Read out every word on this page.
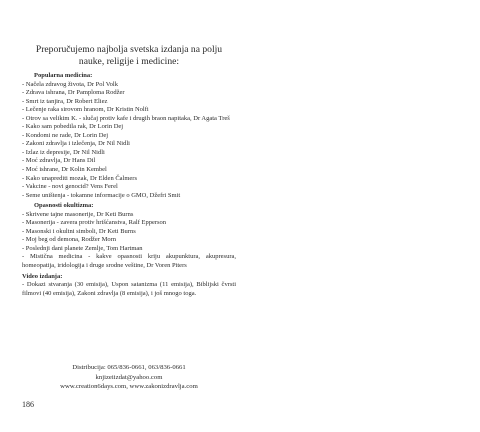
Preporučujemo najbolja svetska izdanja na polju
nauke, religije i medicine:
Popularna medicina:
- Načela zdravog života, Dr Pol Volk
- Zdrava ishrana, Dr Pamploma Rodžer
- Smrt iz tanjira, Dr Robert Eliez
- Lečenje raka sirovom hranom, Dr Kristin Nolfi
- Otrov sa velikim K. - slučaj protiv kafe i drugih braon napitaka, Dr Agata Treš
- Kako sam pobedila rak, Dr Lorin Dej
- Kondomi ne rade, Dr Lorin Dej
- Zakoni zdravlja i izlečenja, Dr Nil Nidli
- Izlaz iz depresije, Dr Nil Nidli
- Moć zdravlja, Dr Hans Dil
- Moć ishrane, Dr Kolin Kembel
- Kako unaprediti mozak, Dr Elden Čalmers
- Vakcine - novi genocid? Vens Ferel
- Seme uništenja - tokamne informacije o GMO, Džefri Smit
Opasnosti okultizma:
- Skrivene tajne masonerije, Dr Keti Burns
- Masonerija - zavera protiv hrišćanstva, Ralf Epperson
- Masonski i okultni simboli, Dr Keti Burns
- Moj beg od demona, Rodžer Morn
- Poslednji dani planete Zemlje, Tom Hartman
- Mistična medicina - kakve opasnosti kriju akupunktura, akupresura, homeopatija, iridologija i druge srodne veštine, Dr Voren Piters
Video izdanja:
- Dokazi stvaranja (30 emisija), Uspon satanizma (11 emisija), Biblijski čvrsti filmovi (40 emisija), Zakoni zdravlja (8 emisija), i još mnogo toga.
Distribucija: 065/836-0661, 063/836-0661
knjizeiizdat@yahoo.com
www.creation6days.com, www.zakonizdravlja.com
186
